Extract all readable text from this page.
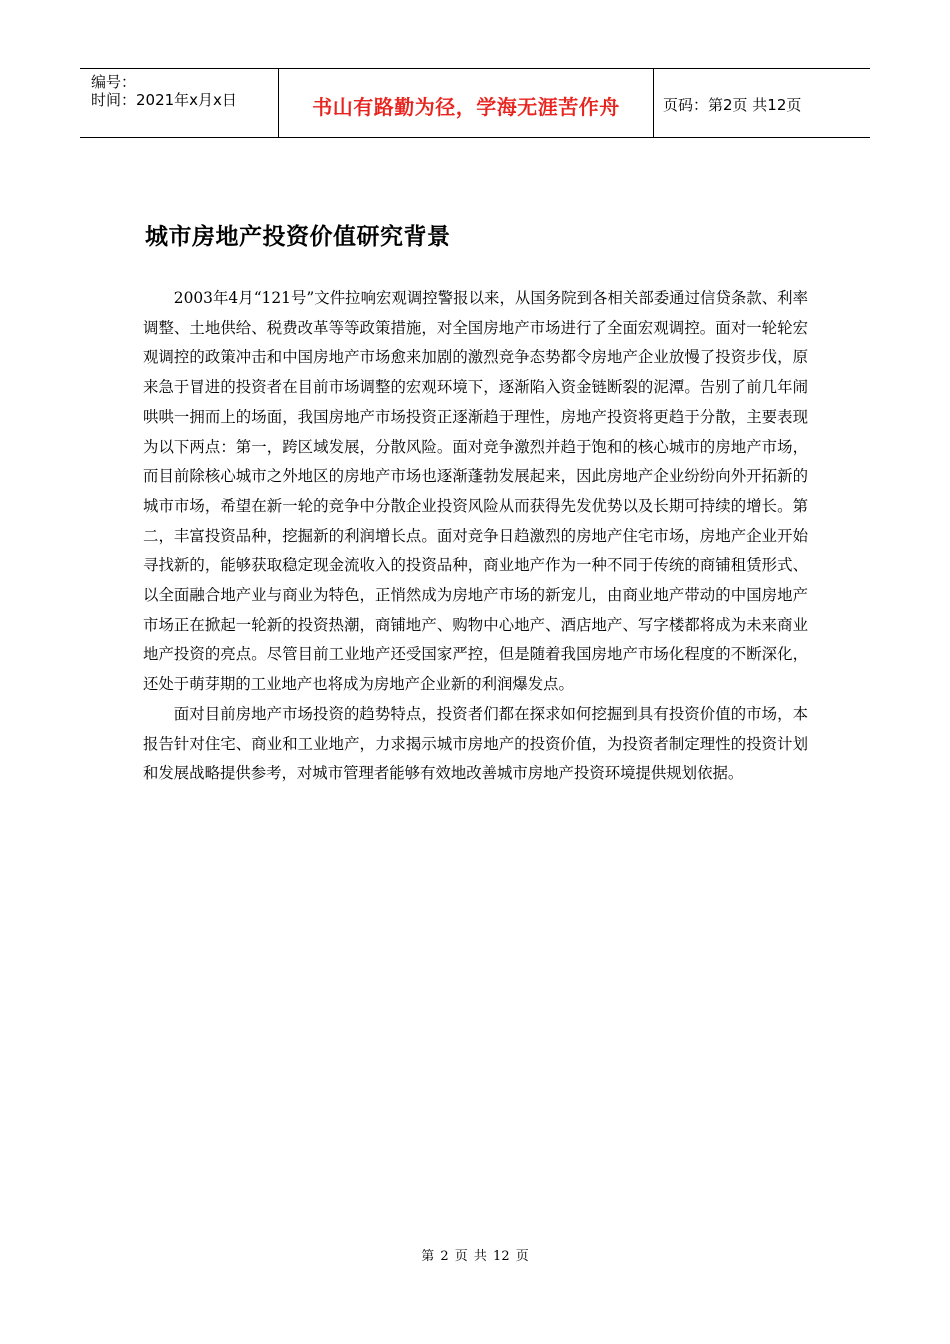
编号：
时间：2021年x月x日	书山有路勤为径，学海无涯苦作舟	页码：第2页 共12页
城市房地产投资价值研究背景

2003年4月“121号”文件拉响宏观调控警报以来，从国务院到各相关部委通过信贷条款、利率调整、土地供给、税费改革等等政策措施，对全国房地产市场进行了全面宏观调控。面对一轮轮宏观调控的政策冲击和中国房地产市场愈来加剧的激烈竞争态势都令房地产企业放慢了投资步伐，原来急于冒进的投资者在目前市场调整的宏观环境下，逐渐陷入资金链断裂的泥潭。告别了前几年闹哄哄一拥而上的场面，我国房地产市场投资正逐渐趋于理性，房地产投资将更趋于分散，主要表现为以下两点：第一，跨区域发展，分散风险。面对竞争激烈并趋于饱和的核心城市的房地产市场，而目前除核心城市之外地区的房地产市场也逐渐蓬勃发展起来，因此房地产企业纷纷向外开拓新的城市市场，希望在新一轮的竞争中分散企业投资风险从而获得先发优势以及长期可持续的增长。第二，丰富投资品种，挖掘新的利润增长点。面对竞争日趋激烈的房地产住宅市场，房地产企业开始寻找新的，能够获取稳定现金流收入的投资品种，商业地产作为一种不同于传统的商铺租赁形式、以全面融合地产业与商业为特色，正悄然成为房地产市场的新宠儿，由商业地产带动的中国房地产市场正在掀起一轮新的投资热潮，商铺地产、购物中心地产、酒店地产、写字楼都将成为未来商业地产投资的亮点。尽管目前工业地产还受国家严控，但是随着我国房地产市场化程度的不断深化，还处于萌芽期的工业地产也将成为房地产企业新的利润爆发点。

面对目前房地产市场投资的趋势特点，投资者们都在探求如何挖掘到具有投资价值的市场，本报告针对住宅、商业和工业地产，力求揭示城市房地产的投资价值，为投资者制定理性的投资计划和发展战略提供参考，对城市管理者能够有效地改善城市房地产投资环境提供规划依据。

第 2 页 共 12 页
